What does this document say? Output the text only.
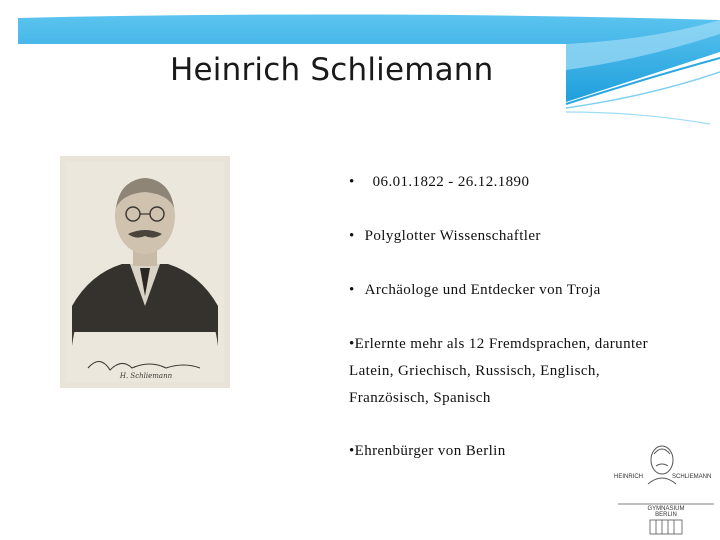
Heinrich Schliemann
H. Schliemann
• 06.01.1822 - 26.12.1890
• Polyglotter Wissenschaftler
• Archäologe und Entdecker von Troja
•Erlernte mehr als 12 Fremdsprachen, darunter
Latein, Griechisch, Russisch, Englisch,
Französisch, Spanisch
•Ehrenbürger von Berlin
HEINRICH	SCHLIEMANN
GYMNASIUM
BERLIN
